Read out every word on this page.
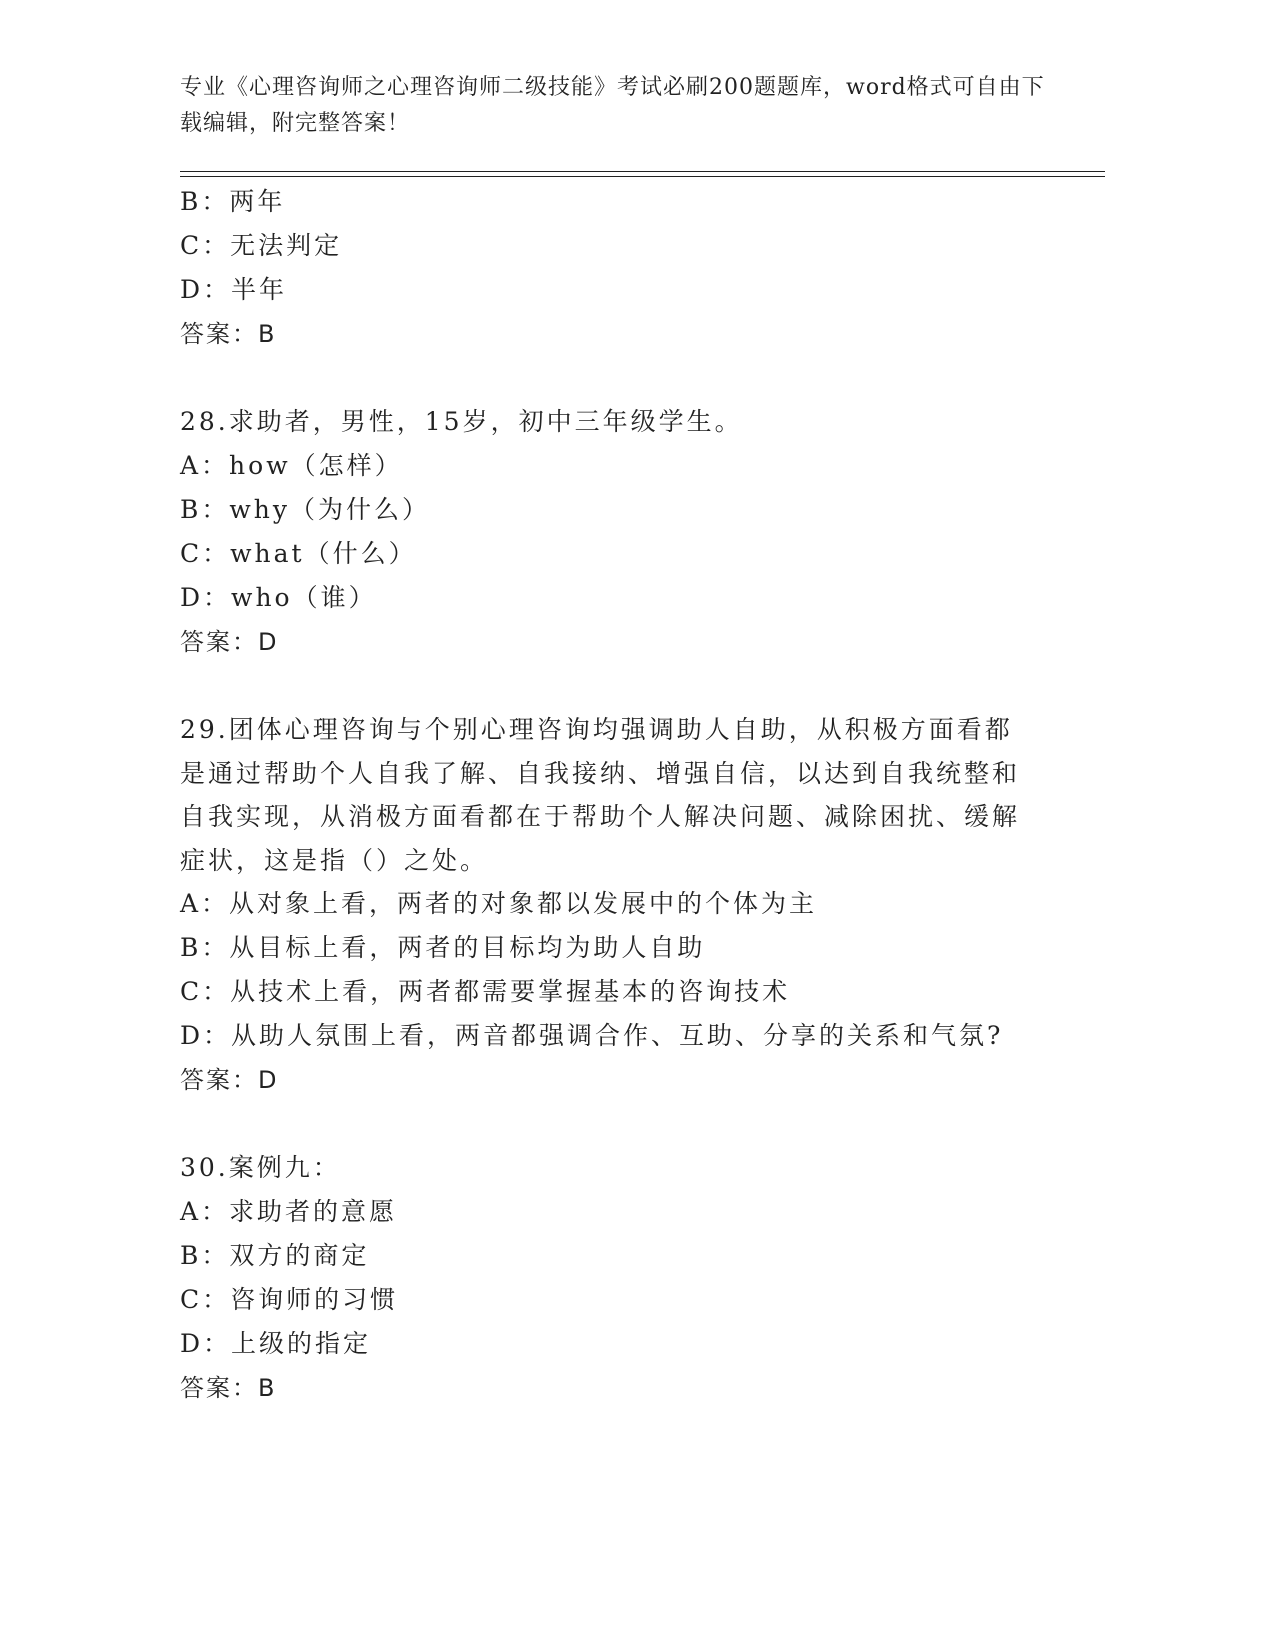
专业《心理咨询师之心理咨询师二级技能》考试必刷200题题库，word格式可自由下载编辑，附完整答案！
B：两年
C：无法判定
D：半年
答案：B
28.求助者，男性，15岁，初中三年级学生。
A：how（怎样）
B：why（为什么）
C：what（什么）
D：who（谁）
答案：D
29.团体心理咨询与个别心理咨询均强调助人自助，从积极方面看都是通过帮助个人自我了解、自我接纳、增强自信，以达到自我统整和自我实现，从消极方面看都在于帮助个人解决问题、减除困扰、缓解症状，这是指（）之处。
A：从对象上看，两者的对象都以发展中的个体为主
B：从目标上看，两者的目标均为助人自助
C：从技术上看，两者都需要掌握基本的咨询技术
D：从助人氛围上看，两音都强调合作、互助、分享的关系和气氛?
答案：D
30.案例九：
A：求助者的意愿
B：双方的商定
C：咨询师的习惯
D：上级的指定
答案：B
